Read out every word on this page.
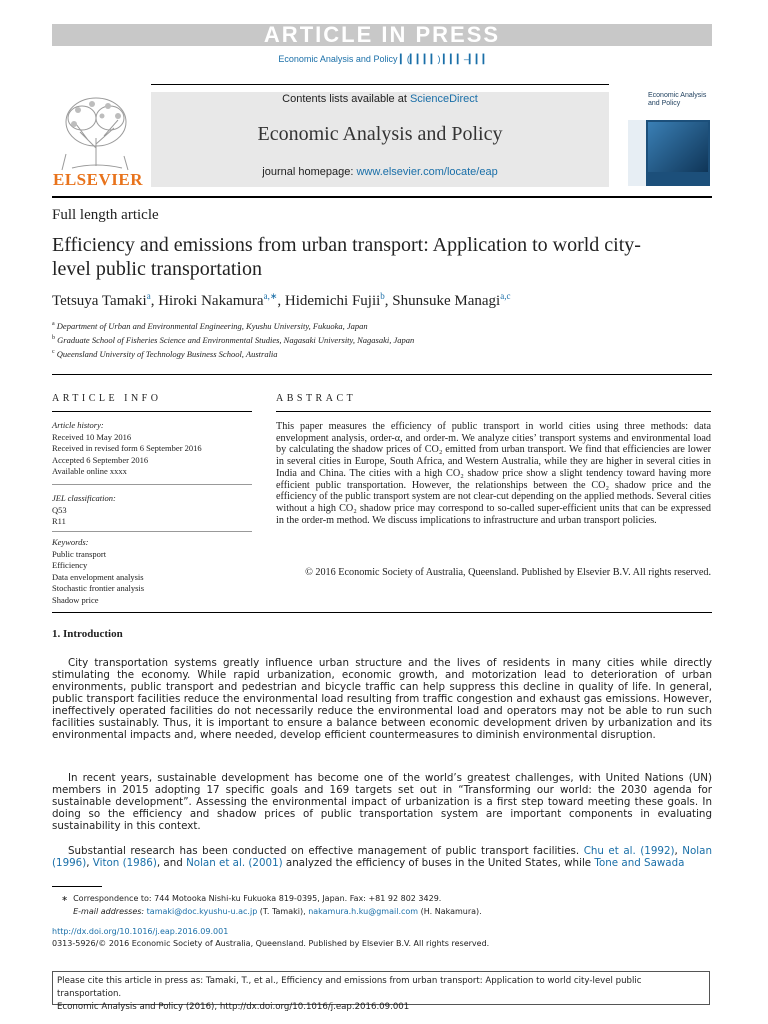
ARTICLE IN PRESS
Economic Analysis and Policy ▎(▎▎▎▎) ▎▎▎–▎▎▎
ELSEVIER
Contents lists available at ScienceDirect
Economic Analysis and Policy
journal homepage: www.elsevier.com/locate/eap
Economic Analysis
and Policy
Full length article
Efficiency and emissions from urban transport: Application to world city-level public transportation
Tetsuya Tamaki$^a$, Hiroki Nakamura$^{a,∗}$, Hidemichi Fujii$^b$, Shunsuke Managi$^{a,c}$
$^a$ Department of Urban and Environmental Engineering, Kyushu University, Fukuoka, Japan
$^b$ Graduate School of Fisheries Science and Environmental Studies, Nagasaki University, Nagasaki, Japan
$^c$ Queensland University of Technology Business School, Australia
ARTICLE INFO	ABSTRACT
Article history:
Received 10 May 2016
Received in revised form 6 September 2016
Accepted 6 September 2016
Available online xxxx
JEL classification:
Q53
R11
Keywords:
Public transport
Efficiency
Data envelopment analysis
Stochastic frontier analysis
Shadow price
This paper measures the efficiency of public transport in world cities using three methods: data envelopment analysis, order-α, and order-m. We analyze cities’ transport systems and environmental load by calculating the shadow prices of CO₂ emitted from urban transport. We find that efficiencies are lower in several cities in Europe, South Africa, and Western Australia, while they are higher in several cities in India and China. The cities with a high CO₂ shadow price show a slight tendency toward having more efficient public transportation. However, the relationships between the CO₂ shadow price and the efficiency of the public transport system are not clear-cut depending on the applied methods. Several cities without a high CO₂ shadow price may correspond to so-called super-efficient units that can be expressed in the order-m method. We discuss implications to infrastructure and urban transport policies.
© 2016 Economic Society of Australia, Queensland. Published by Elsevier B.V. All rights reserved.
1. Introduction
City transportation systems greatly influence urban structure and the lives of residents in many cities while directly stimulating the economy. While rapid urbanization, economic growth, and motorization lead to deterioration of urban environments, public transport and pedestrian and bicycle traffic can help suppress this decline in quality of life. In general, public transport facilities reduce the environmental load resulting from traffic congestion and exhaust gas emissions. However, ineffectively operated facilities do not necessarily reduce the environmental load and operators may not be able to run such facilities sustainably. Thus, it is important to ensure a balance between economic development driven by urbanization and its environmental impacts and, where needed, develop efficient countermeasures to diminish environmental disruption.
In recent years, sustainable development has become one of the world’s greatest challenges, with United Nations (UN) members in 2015 adopting 17 specific goals and 169 targets set out in “Transforming our world: the 2030 agenda for sustainable development”. Assessing the environmental impact of urbanization is a first step toward meeting these goals. In doing so the efficiency and shadow prices of public transportation system are important components in evaluating sustainability in this context.
Substantial research has been conducted on effective management of public transport facilities. Chu et al. (1992), Nolan (1996), Viton (1986), and Nolan et al. (2001) analyzed the efficiency of buses in the United States, while Tone and Sawada
∗ Correspondence to: 744 Motooka Nishi-ku Fukuoka 819-0395, Japan. Fax: +81 92 802 3429.
E-mail addresses: tamaki@doc.kyushu-u.ac.jp (T. Tamaki), nakamura.h.ku@gmail.com (H. Nakamura).
http://dx.doi.org/10.1016/j.eap.2016.09.001
0313-5926/© 2016 Economic Society of Australia, Queensland. Published by Elsevier B.V. All rights reserved.
Please cite this article in press as: Tamaki, T., et al., Efficiency and emissions from urban transport: Application to world city-level public transportation.
Economic Analysis and Policy (2016), http://dx.doi.org/10.1016/j.eap.2016.09.001
